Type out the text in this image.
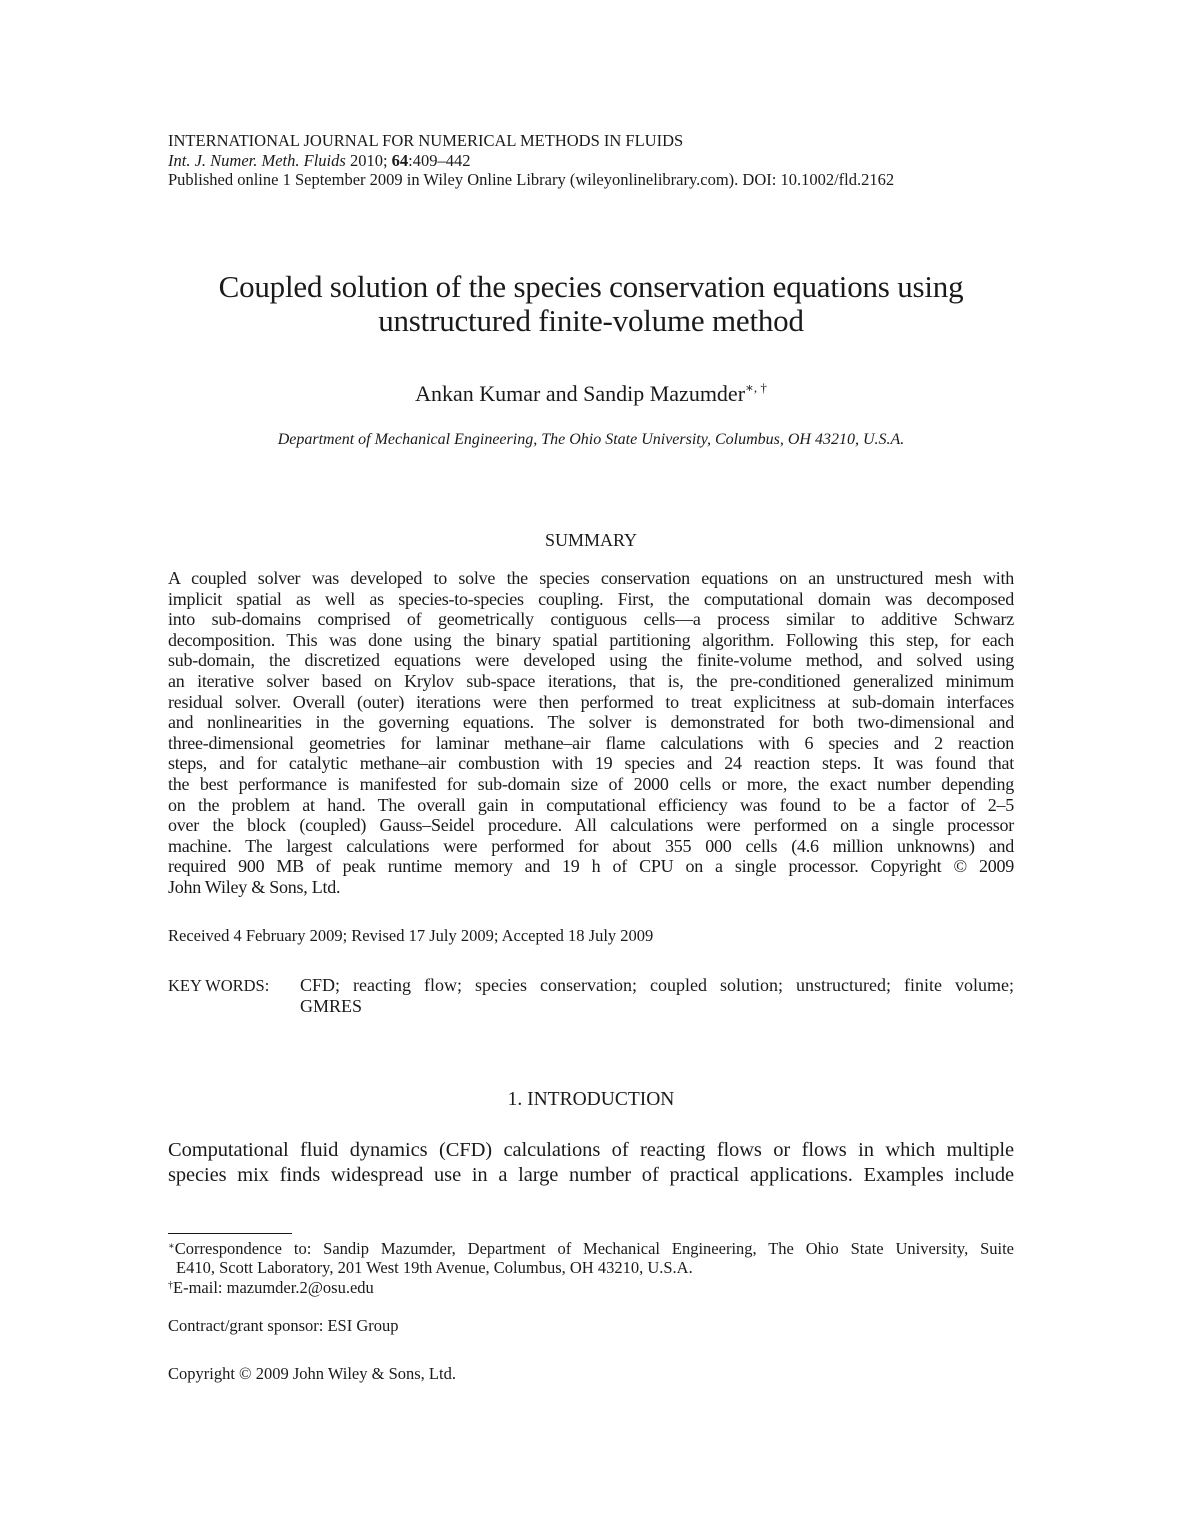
INTERNATIONAL JOURNAL FOR NUMERICAL METHODS IN FLUIDS
Int. J. Numer. Meth. Fluids 2010; 64:409–442
Published online 1 September 2009 in Wiley Online Library (wileyonlinelibrary.com). DOI: 10.1002/fld.2162
Coupled solution of the species conservation equations using
unstructured finite-volume method
Ankan Kumar and Sandip Mazumder∗, †
Department of Mechanical Engineering, The Ohio State University, Columbus, OH 43210, U.S.A.
SUMMARY
A coupled solver was developed to solve the species conservation equations on an unstructured mesh with
implicit spatial as well as species-to-species coupling. First, the computational domain was decomposed
into sub-domains comprised of geometrically contiguous cells—a process similar to additive Schwarz
decomposition. This was done using the binary spatial partitioning algorithm. Following this step, for each
sub-domain, the discretized equations were developed using the finite-volume method, and solved using
an iterative solver based on Krylov sub-space iterations, that is, the pre-conditioned generalized minimum
residual solver. Overall (outer) iterations were then performed to treat explicitness at sub-domain interfaces
and nonlinearities in the governing equations. The solver is demonstrated for both two-dimensional and
three-dimensional geometries for laminar methane–air flame calculations with 6 species and 2 reaction
steps, and for catalytic methane–air combustion with 19 species and 24 reaction steps. It was found that
the best performance is manifested for sub-domain size of 2000 cells or more, the exact number depending
on the problem at hand. The overall gain in computational efficiency was found to be a factor of 2–5
over the block (coupled) Gauss–Seidel procedure. All calculations were performed on a single processor
machine. The largest calculations were performed for about 355 000 cells (4.6 million unknowns) and
required 900 MB of peak runtime memory and 19 h of CPU on a single processor. Copyright © 2009
John Wiley & Sons, Ltd.
Received 4 February 2009; Revised 17 July 2009; Accepted 18 July 2009
KEY WORDS: CFD; reacting flow; species conservation; coupled solution; unstructured; finite volume;
GMRES
1. INTRODUCTION
Computational fluid dynamics (CFD) calculations of reacting flows or flows in which multiple
species mix finds widespread use in a large number of practical applications. Examples include
∗Correspondence to: Sandip Mazumder, Department of Mechanical Engineering, The Ohio State University, Suite
E410, Scott Laboratory, 201 West 19th Avenue, Columbus, OH 43210, U.S.A.
†E-mail: mazumder.2@osu.edu
Contract/grant sponsor: ESI Group
Copyright © 2009 John Wiley & Sons, Ltd.
